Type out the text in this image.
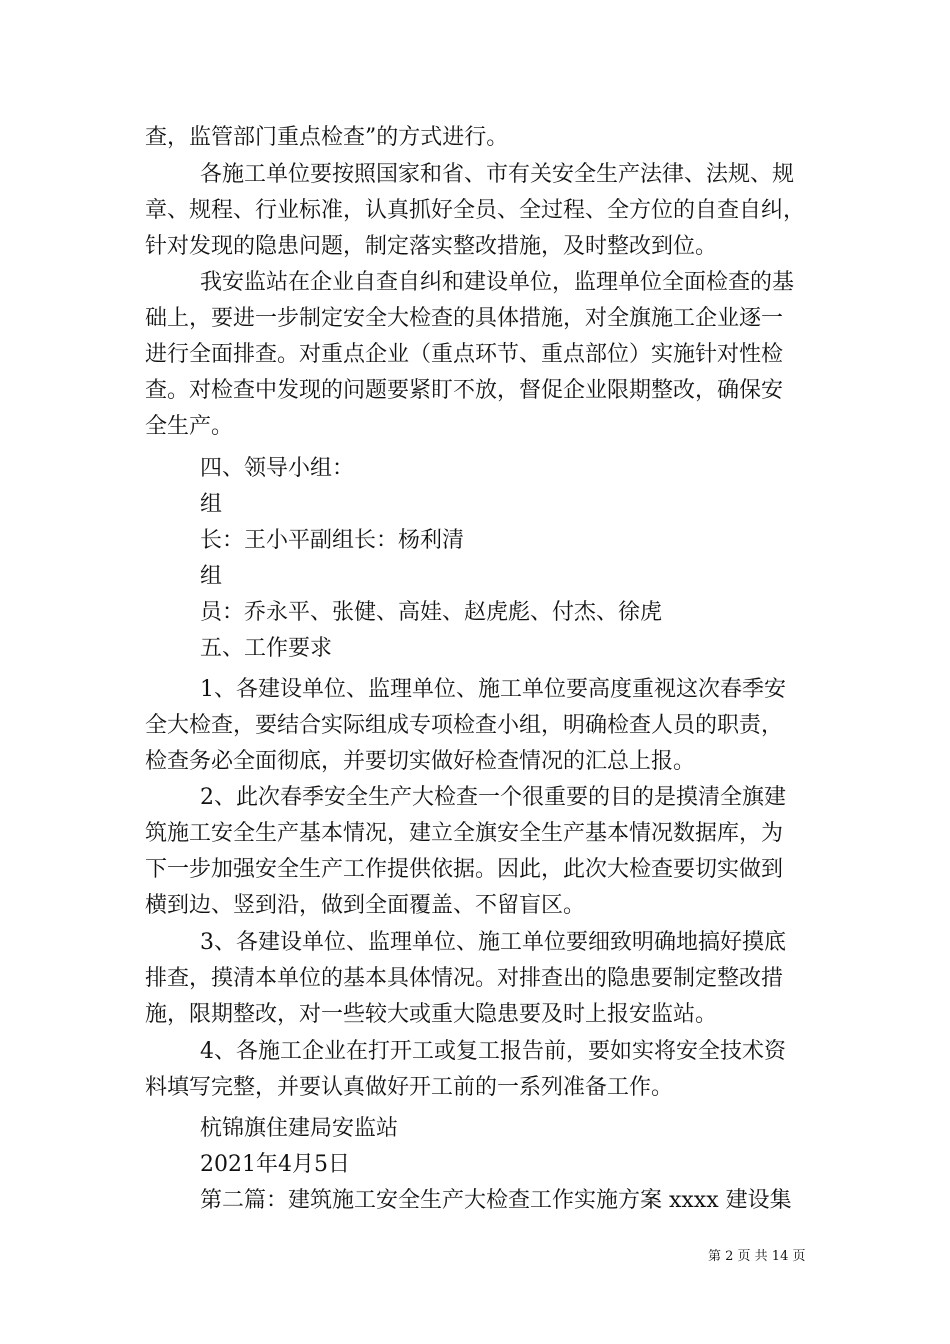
查，监管部门重点检查”的方式进行。
各施工单位要按照国家和省、市有关安全生产法律、法规、规
章、规程、行业标准，认真抓好全员、全过程、全方位的自查自纠，
针对发现的隐患问题，制定落实整改措施，及时整改到位。
我安监站在企业自查自纠和建设单位，监理单位全面检查的基
础上，要进一步制定安全大检查的具体措施，对全旗施工企业逐一
进行全面排查。对重点企业（重点环节、重点部位）实施针对性检
查。对检查中发现的问题要紧盯不放，督促企业限期整改，确保安
全生产。
四、领导小组：
组
长：王小平副组长：杨利清
组
员：乔永平、张健、高娃、赵虎彪、付杰、徐虎
五、工作要求
1、各建设单位、监理单位、施工单位要高度重视这次春季安
全大检查，要结合实际组成专项检查小组，明确检查人员的职责，
检查务必全面彻底，并要切实做好检查情况的汇总上报。
2、此次春季安全生产大检查一个很重要的目的是摸清全旗建
筑施工安全生产基本情况，建立全旗安全生产基本情况数据库，为
下一步加强安全生产工作提供依据。因此，此次大检查要切实做到
横到边、竖到沿，做到全面覆盖、不留盲区。
3、各建设单位、监理单位、施工单位要细致明确地搞好摸底
排查，摸清本单位的基本具体情况。对排查出的隐患要制定整改措
施，限期整改，对一些较大或重大隐患要及时上报安监站。
4、各施工企业在打开工或复工报告前，要如实将安全技术资
料填写完整，并要认真做好开工前的一系列准备工作。
杭锦旗住建局安监站
2021年4月5日
第二篇：建筑施工安全生产大检查工作实施方案 xxxx 建设集
第 2 页 共 14 页
